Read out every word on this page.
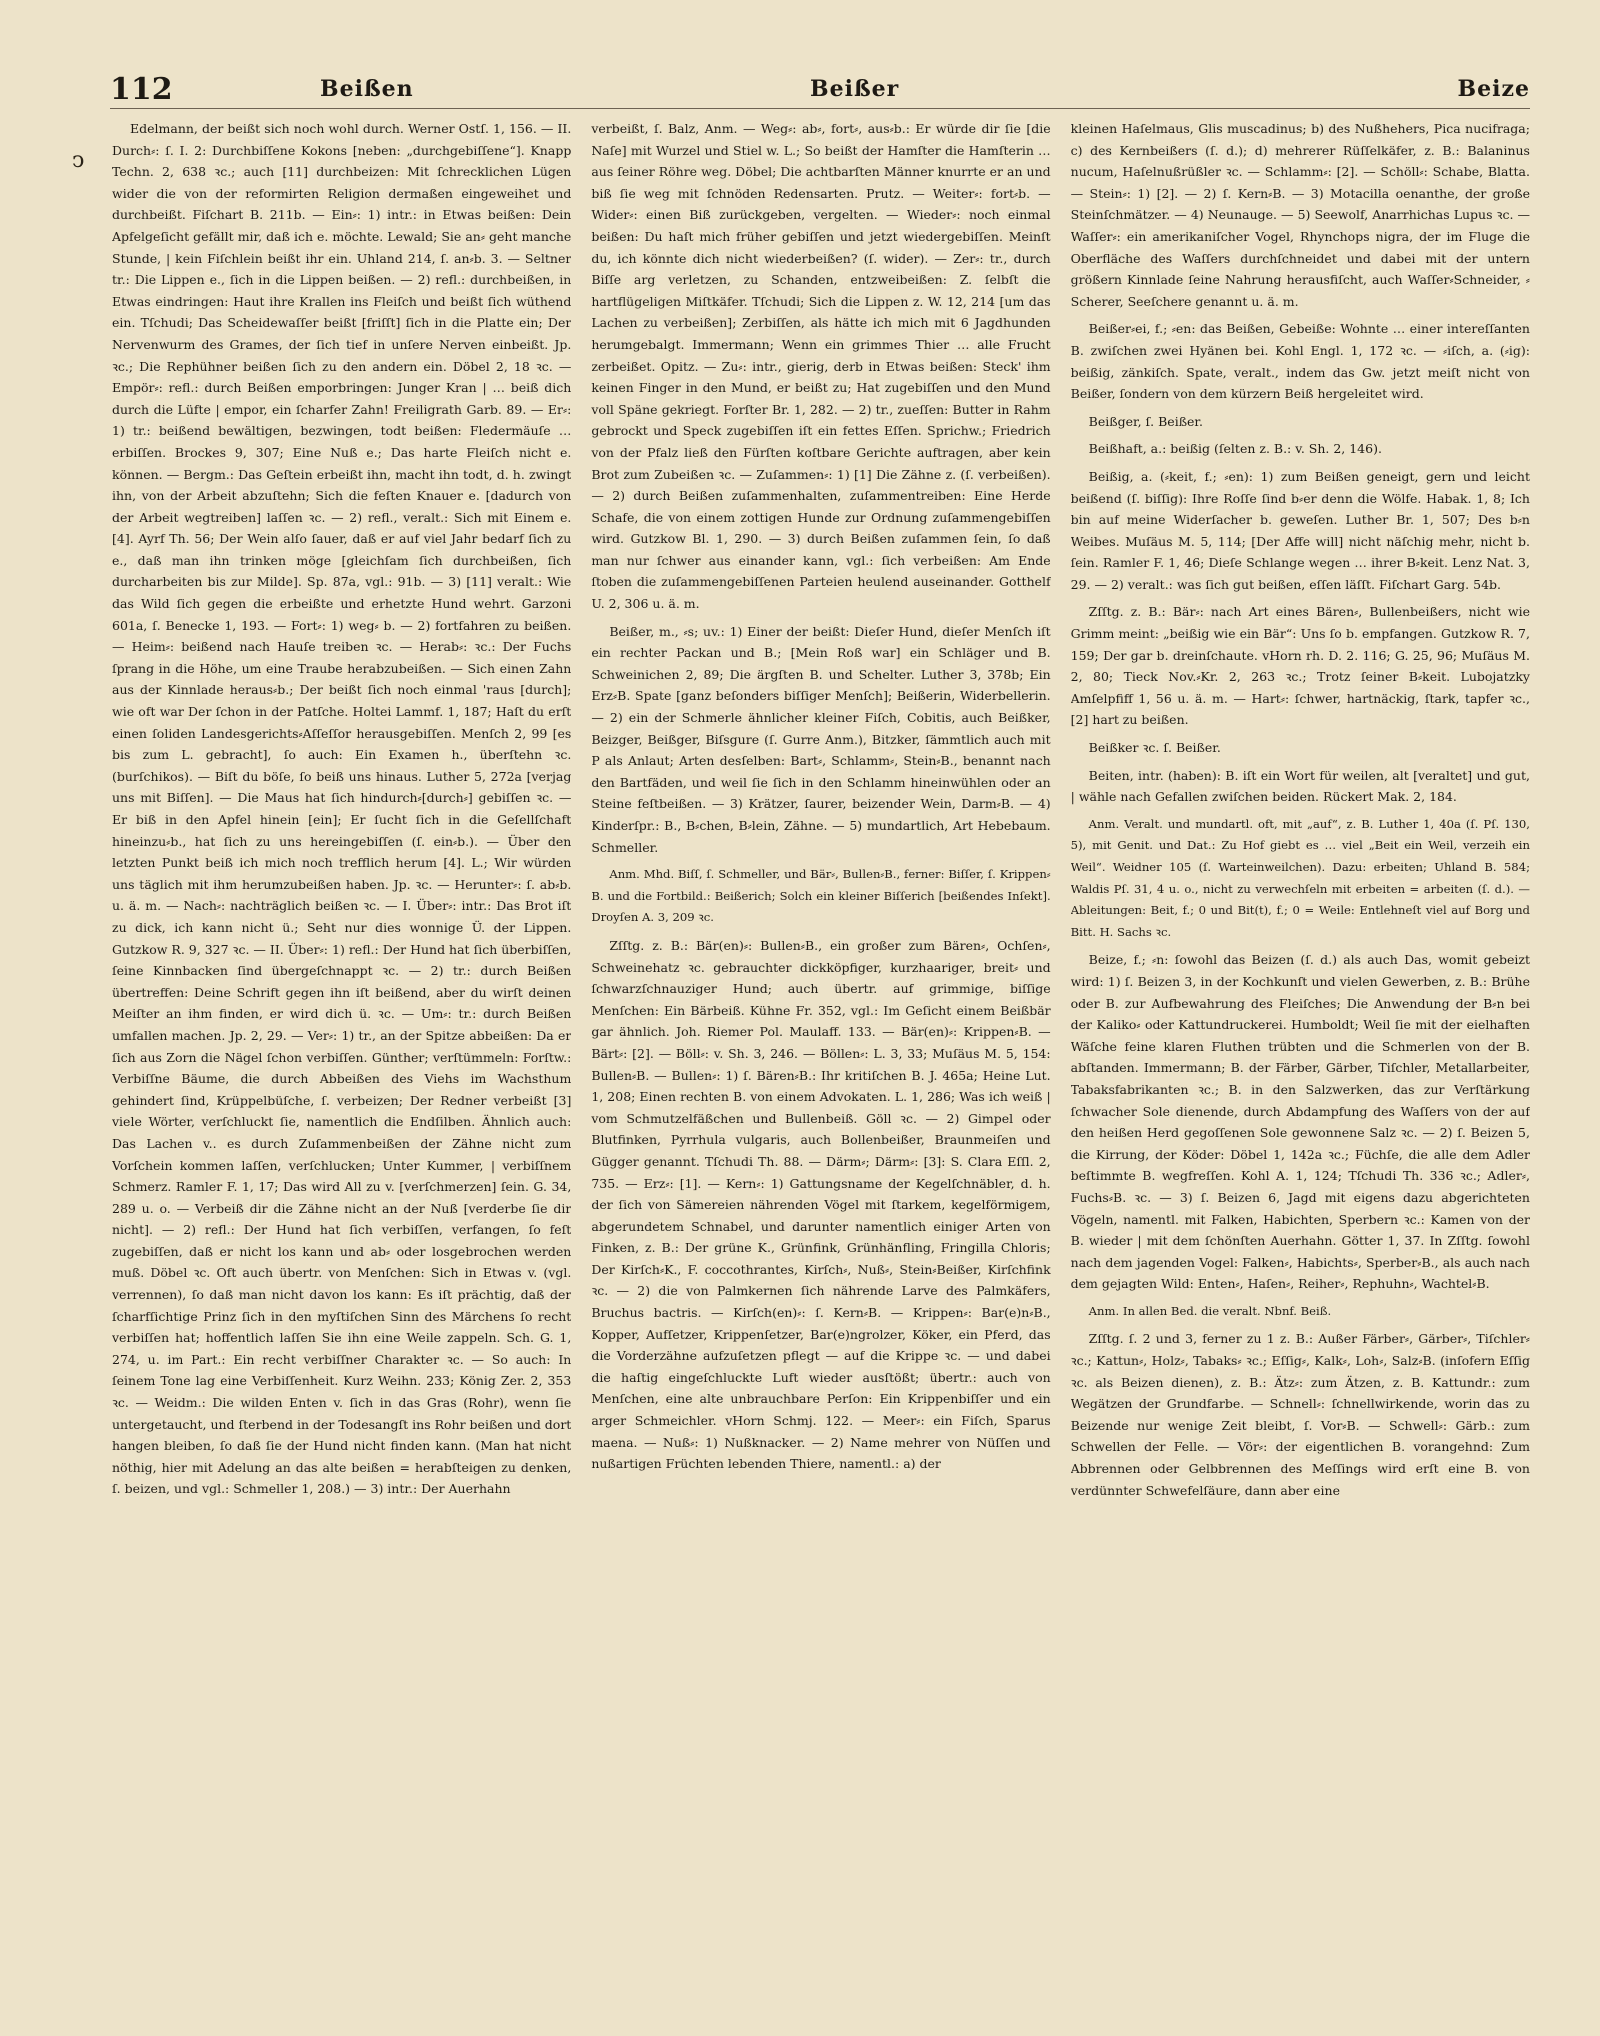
112	Beißen	Beißer	Beize
ↄ

Edelmann, der beißt sich noch wohl durch. Werner Ostſ. 1, 156. — II. Durch⸗: ſ. I. 2: Durchbiſſene Kokons [neben: „durchgebiſſene“]. Knapp Techn. 2, 638 ꝛc.; auch [11] durchbeizen: Mit ſchrecklichen Lügen wider die von der reformirten Religion dermaßen eingeweihet und durchbeißt. Fiſchart B. 211b. — Ein⸗: 1) intr.: in Etwas beißen: Dein Apfelgeſicht gefällt mir, daß ich e. möchte. Lewald; Sie an⸗ geht manche Stunde, | kein Fiſchlein beißt ihr ein. Uhland 214, ſ. an⸗b. 3. — Seltner tr.: Die Lippen e., ſich in die Lippen beißen. — 2) refl.: durchbeißen, in Etwas eindringen: Haut ihre Krallen ins Fleiſch und beißt ſich wüthend ein. Tſchudi; Das Scheidewaſſer beißt [friſſt] ſich in die Platte ein; Der Nervenwurm des Grames, der ſich tief in unſere Nerven einbeißt. Jp. ꝛc.; Die Rephühner beißen ſich zu den andern ein. Döbel 2, 18 ꝛc. — Empör⸗: refl.: durch Beißen emporbringen: Junger Kran | … beiß dich durch die Lüfte | empor, ein ſcharfer Zahn! Freiligrath Garb. 89. — Er⸗: 1) tr.: beißend bewältigen, bezwingen, todt beißen: Fledermäuſe … erbiſſen. Brockes 9, 307; Eine Nuß e.; Das harte Fleiſch nicht e. können. — Bergm.: Das Geſtein erbeißt ihn, macht ihn todt, d. h. zwingt ihn, von der Arbeit abzuſtehn; Sich die feſten Knauer e. [dadurch von der Arbeit wegtreiben] laſſen ꝛc. — 2) refl., veralt.: Sich mit Einem e. [4]. Ayrf Th. 56; Der Wein alſo ſauer, daß er auf viel Jahr bedarf ſich zu e., daß man ihn trinken möge [gleichſam ſich durchbeißen, ſich durcharbeiten bis zur Milde]. Sp. 87a, vgl.: 91b. — 3) [11] veralt.: Wie das Wild ſich gegen die erbeißte und erhetzte Hund wehrt. Garzoni 601a, ſ. Benecke 1, 193. — Fort⸗: 1) weg⸗ b. — 2) fortfahren zu beißen. — Heim⸗: beißend nach Hauſe treiben ꝛc. — Herab⸗: ꝛc.: Der Fuchs ſprang in die Höhe, um eine Traube herabzubeißen. — Sich einen Zahn aus der Kinnlade heraus⸗b.; Der beißt ſich noch einmal 'raus [durch]; wie oft war Der ſchon in der Patſche. Holtei Lammf. 1, 187; Haſt du erſt einen ſoliden Landesgerichts⸗Aſſeſſor herausgebiſſen. Menſch 2, 99 [es bis zum L. gebracht], ſo auch: Ein Examen h., überſtehn ꝛc. (burſchikos). — Biſt du böſe, ſo beiß uns hinaus. Luther 5, 272a [verjag uns mit Biſſen]. — Die Maus hat ſich hindurch⸗[durch⸗] gebiſſen ꝛc. — Er biß in den Apfel hinein [ein]; Er ſucht ſich in die Geſellſchaft hineinzu⸗b., hat ſich zu uns hereingebiſſen (ſ. ein⸗b.). — Über den letzten Punkt beiß ich mich noch trefflich herum [4]. L.; Wir würden uns täglich mit ihm herumzubeißen haben. Jp. ꝛc. — Herunter⸗: ſ. ab⸗b. u. ä. m. — Nach⸗: nachträglich beißen ꝛc. — I. Über⸗: intr.: Das Brot iſt zu dick, ich kann nicht ü.; Seht nur dies wonnige Ü. der Lippen. Gutzkow R. 9, 327 ꝛc. — II. Über⸗: 1) refl.: Der Hund hat ſich überbiſſen, ſeine Kinnbacken ſind übergeſchnappt ꝛc. — 2) tr.: durch Beißen übertreffen: Deine Schrift gegen ihn iſt beißend, aber du wirſt deinen Meiſter an ihm finden, er wird dich ü. ꝛc. — Um⸗: tr.: durch Beißen umfallen machen. Jp. 2, 29. — Ver⸗: 1) tr., an der Spitze abbeißen: Da er ſich aus Zorn die Nägel ſchon verbiſſen. Günther; verſtümmeln: Forſtw.: Verbiſſne Bäume, die durch Abbeißen des Viehs im Wachsthum gehindert ſind, Krüppelbüſche, ſ. verbeizen; Der Redner verbeißt [3] viele Wörter, verſchluckt ſie, namentlich die Endſilben. Ähnlich auch: Das Lachen v.. es durch Zuſammenbeißen der Zähne nicht zum Vorſchein kommen laſſen, verſchlucken; Unter Kummer, | verbiſſnem Schmerz. Ramler F. 1, 17; Das wird All zu v. [verſchmerzen] ſein. G. 34, 289 u. o. — Verbeiß dir die Zähne nicht an der Nuß [verderbe ſie dir nicht]. — 2) refl.: Der Hund hat ſich verbiſſen, verfangen, ſo feſt zugebiſſen, daß er nicht los kann und ab⸗ oder losgebrochen werden muß. Döbel ꝛc. Oft auch übertr. von Menſchen: Sich in Etwas v. (vgl. verrennen), ſo daß man nicht davon los kann: Es iſt prächtig, daß der ſcharfſichtige Prinz ſich in den myſtiſchen Sinn des Märchens ſo recht verbiſſen hat; hoffentlich laſſen Sie ihn eine Weile zappeln. Sch. G. 1, 274, u. im Part.: Ein recht verbiſſner Charakter ꝛc. — So auch: In ſeinem Tone lag eine Verbiſſenheit. Kurz Weihn. 233; König Zer. 2, 353 ꝛc. — Weidm.: Die wilden Enten v. ſich in das Gras (Rohr), wenn ſie untergetaucht, und ſterbend in der Todesangſt ins Rohr beißen und dort hangen bleiben, ſo daß ſie der Hund nicht finden kann. (Man hat nicht nöthig, hier mit Adelung an das alte beißen = herabſteigen zu denken, ſ. beizen, und vgl.: Schmeller 1, 208.) — 3) intr.: Der Auerhahn

verbeißt, ſ. Balz, Anm. — Weg⸗: ab⸗, fort⸗, aus⸗b.: Er würde dir ſie [die Naſe] mit Wurzel und Stiel w. L.; So beißt der Hamſter die Hamſterin … aus ſeiner Röhre weg. Döbel; Die achtbarſten Männer knurrte er an und biß ſie weg mit ſchnöden Redensarten. Prutz. — Weiter⸗: fort⸗b. — Wider⸗: einen Biß zurückgeben, vergelten. — Wieder⸗: noch einmal beißen: Du haſt mich früher gebiſſen und jetzt wiedergebiſſen. Meinſt du, ich könnte dich nicht wiederbeißen? (ſ. wider). — Zer⸗: tr., durch Biſſe arg verletzen, zu Schanden, entzweibeißen: Z. ſelbſt die hartflügeligen Miſtkäfer. Tſchudi; Sich die Lippen z. W. 12, 214 [um das Lachen zu verbeißen]; Zerbiſſen, als hätte ich mich mit 6 Jagdhunden herumgebalgt. Immermann; Wenn ein grimmes Thier … alle Frucht zerbeißet. Opitz. — Zu⸗: intr., gierig, derb in Etwas beißen: Steck' ihm keinen Finger in den Mund, er beißt zu; Hat zugebiſſen und den Mund voll Späne gekriegt. Forſter Br. 1, 282. — 2) tr., zueſſen: Butter in Rahm gebrockt und Speck zugebiſſen iſt ein fettes Eſſen. Sprichw.; Friedrich von der Pfalz ließ den Fürſten koſtbare Gerichte auftragen, aber kein Brot zum Zubeißen ꝛc. — Zuſammen⸗: 1) [1] Die Zähne z. (ſ. verbeißen). — 2) durch Beißen zuſammenhalten, zuſammentreiben: Eine Herde Schafe, die von einem zottigen Hunde zur Ordnung zuſammengebiſſen wird. Gutzkow Bl. 1, 290. — 3) durch Beißen zuſammen ſein, ſo daß man nur ſchwer aus einander kann, vgl.: ſich verbeißen: Am Ende ſtoben die zuſammengebiſſenen Parteien heulend auseinander. Gotthelf U. 2, 306 u. ä. m.

Beißer, m., ⸗s; uv.: 1) Einer der beißt: Dieſer Hund, dieſer Menſch iſt ein rechter Packan und B.; [Mein Roß war] ein Schläger und B. Schweinichen 2, 89; Die ärgſten B. und Schelter. Luther 3, 378b; Ein Erz⸗B. Spate [ganz beſonders biſſiger Menſch]; Beißerin, Widerbellerin. — 2) ein der Schmerle ähnlicher kleiner Fiſch, Cobitis, auch Beißker, Beizger, Beißger, Biſsgure (ſ. Gurre Anm.), Bitzker, ſämmtlich auch mit P als Anlaut; Arten desſelben: Bart⸗, Schlamm⸗, Stein⸗B., benannt nach den Bartfäden, und weil ſie ſich in den Schlamm hineinwühlen oder an Steine feſtbeißen. — 3) Krätzer, ſaurer, beizender Wein, Darm⸗B. — 4) Kinderſpr.: B., B⸗chen, B⸗lein, Zähne. — 5) mundartlich, Art Hebebaum. Schmeller.

Anm. Mhd. Biſſ, ſ. Schmeller, und Bär⸗, Bullen⸗B., ferner: Biſſer, ſ. Krippen⸗B. und die Fortbild.: Beißerich; Solch ein kleiner Biſſerich [beißendes Inſekt]. Droyſen A. 3, 209 ꝛc.

Zſſtg. z. B.: Bär(en)⸗: Bullen⸗B., ein großer zum Bären⸗, Ochſen⸗, Schweinehatz ꝛc. gebrauchter dickköpfiger, kurzhaariger, breit⸗ und ſchwarzſchnauziger Hund; auch übertr. auf grimmige, biſſige Menſchen: Ein Bärbeiß. Kühne Fr. 352, vgl.: Im Geſicht einem Beißbär gar ähnlich. Joh. Riemer Pol. Maulaff. 133. — Bär(en)⸗: Krippen⸗B. — Bärt⸗: [2]. — Böll⸗: v. Sh. 3, 246. — Böllen⸗: L. 3, 33; Muſäus M. 5, 154: Bullen⸗B. — Bullen⸗: 1) ſ. Bären⸗B.: Ihr kritiſchen B. J. 465a; Heine Lut. 1, 208; Einen rechten B. von einem Advokaten. L. 1, 286; Was ich weiß | vom Schmutzelfäßchen und Bullenbeiß. Göll ꝛc. — 2) Gimpel oder Blutfinken, Pyrrhula vulgaris, auch Bollenbeißer, Braunmeiſen und Gügger genannt. Tſchudi Th. 88. — Därm⸗; Därm⸗: [3]: S. Clara Eſſl. 2, 735. — Erz⸗: [1]. — Kern⸗: 1) Gattungsname der Kegelſchnäbler, d. h. der ſich von Sämereien nährenden Vögel mit ſtarkem, kegelförmigem, abgerundetem Schnabel, und darunter namentlich einiger Arten von Finken, z. B.: Der grüne K., Grünfink, Grünhänfling, Fringilla Chloris; Der Kirſch⸗K., F. coccothrantes, Kirſch⸗, Nuß⸗, Stein⸗Beißer, Kirſchfink ꝛc. — 2) die von Palmkernen ſich nährende Larve des Palmkäfers, Bruchus bactris. — Kirſch(en)⸗: ſ. Kern⸗B. — Krippen⸗: Bar(e)n⸗B., Kopper, Aufſetzer, Krippenſetzer, Bar(e)ngrolzer, Köker, ein Pferd, das die Vorderzähne aufzuſetzen pflegt — auf die Krippe ꝛc. — und dabei die haſtig eingeſchluckte Luft wieder ausſtößt; übertr.: auch von Menſchen, eine alte unbrauchbare Perſon: Ein Krippenbiſſer und ein arger Schmeichler. vHorn Schmj. 122. — Meer⸗: ein Fiſch, Sparus maena. — Nuß⸗: 1) Nußknacker. — 2) Name mehrer von Nüſſen und nußartigen Früchten lebenden Thiere, namentl.: a) der

kleinen Haſelmaus, Glis muscadinus; b) des Nußhehers, Pica nucifraga; c) des Kernbeißers (ſ. d.); d) mehrerer Rüſſelkäfer, z. B.: Balaninus nucum, Haſelnußrüßler ꝛc. — Schlamm⸗: [2]. — Schöll⸗: Schabe, Blatta. — Stein⸗: 1) [2]. — 2) ſ. Kern⸗B. — 3) Motacilla oenanthe, der große Steinſchmätzer. — 4) Neunauge. — 5) Seewolf, Anarrhichas Lupus ꝛc. — Waſſer⸗: ein amerikaniſcher Vogel, Rhynchops nigra, der im Fluge die Oberfläche des Waſſers durchſchneidet und dabei mit der untern größern Kinnlade ſeine Nahrung herausfiſcht, auch Waſſer⸗Schneider, ⸗Scherer, Seeſchere genannt u. ä. m.

Beißer⸗ei, f.; ⸗en: das Beißen, Gebeiße: Wohnte … einer intereſſanten B. zwiſchen zwei Hyänen bei. Kohl Engl. 1, 172 ꝛc. — ⸗iſch, a. (⸗ig): beißig, zänkiſch. Spate, veralt., indem das Gw. jetzt meiſt nicht von Beißer, ſondern von dem kürzern Beiß hergeleitet wird.

Beißger, ſ. Beißer.

Beißhaft, a.: beißig (ſelten z. B.: v. Sh. 2, 146).

Beißig, a. (⸗keit, f.; ⸗en): 1) zum Beißen geneigt, gern und leicht beißend (ſ. biſſig): Ihre Roſſe ſind b⸗er denn die Wölfe. Habak. 1, 8; Ich bin auf meine Widerſacher b. geweſen. Luther Br. 1, 507; Des b⸗n Weibes. Muſäus M. 5, 114; [Der Affe will] nicht näſchig mehr, nicht b. ſein. Ramler F. 1, 46; Dieſe Schlange wegen … ihrer B⸗keit. Lenz Nat. 3, 29. — 2) veralt.: was ſich gut beißen, eſſen läſſt. Fiſchart Garg. 54b.

Zſſtg. z. B.: Bär⸗: nach Art eines Bären⸗, Bullenbeißers, nicht wie Grimm meint: „beißig wie ein Bär“: Uns ſo b. empfangen. Gutzkow R. 7, 159; Der gar b. dreinſchaute. vHorn rh. D. 2. 116; G. 25, 96; Muſäus M. 2, 80; Tieck Nov.⸗Kr. 2, 263 ꝛc.; Trotz ſeiner B⸗keit. Lubojatzky Amſelpfiff 1, 56 u. ä. m. — Hart⸗: ſchwer, hartnäckig, ſtark, tapfer ꝛc., [2] hart zu beißen.

Beißker ꝛc. ſ. Beißer.

Beiten, intr. (haben): B. iſt ein Wort für weilen, alt [veraltet] und gut, | wähle nach Gefallen zwiſchen beiden. Rückert Mak. 2, 184.

Anm. Veralt. und mundartl. oft, mit „auf“, z. B. Luther 1, 40a (ſ. Pſ. 130, 5), mit Genit. und Dat.: Zu Hof giebt es … viel „Beit ein Weil, verzeih ein Weil“. Weidner 105 (ſ. Warteinweilchen). Dazu: erbeiten; Uhland B. 584; Waldis Pſ. 31, 4 u. o., nicht zu verwechſeln mit erbeiten = arbeiten (ſ. d.). — Ableitungen: Beit, f.; 0 und Bit(t), f.; 0 = Weile: Entlehneſt viel auf Borg und Bitt. H. Sachs ꝛc.

Beize, f.; ⸗n: ſowohl das Beizen (ſ. d.) als auch Das, womit gebeizt wird: 1) ſ. Beizen 3, in der Kochkunſt und vielen Gewerben, z. B.: Brühe oder B. zur Aufbewahrung des Fleiſches; Die Anwendung der B⸗n bei der Kaliko⸗ oder Kattundruckerei. Humboldt; Weil ſie mit der eielhaften Wäſche feine klaren Fluthen trübten und die Schmerlen von der B. abſtanden. Immermann; B. der Färber, Gärber, Tiſchler, Metallarbeiter, Tabaksfabrikanten ꝛc.; B. in den Salzwerken, das zur Verſtärkung ſchwacher Sole dienende, durch Abdampfung des Waſſers von der auf den heißen Herd gegoſſenen Sole gewonnene Salz ꝛc. — 2) ſ. Beizen 5, die Kirrung, der Köder: Döbel 1, 142a ꝛc.; Füchſe, die alle dem Adler beſtimmte B. wegfreſſen. Kohl A. 1, 124; Tſchudi Th. 336 ꝛc.; Adler⸗, Fuchs⸗B. ꝛc. — 3) ſ. Beizen 6, Jagd mit eigens dazu abgerichteten Vögeln, namentl. mit Falken, Habichten, Sperbern ꝛc.: Kamen von der B. wieder | mit dem ſchönſten Auerhahn. Götter 1, 37. In Zſſtg. ſowohl nach dem jagenden Vogel: Falken⸗, Habichts⸗, Sperber⸗B., als auch nach dem gejagten Wild: Enten⸗, Haſen⸗, Reiher⸗, Rephuhn⸗, Wachtel⸗B.

Anm. In allen Bed. die veralt. Nbnf. Beiß.

Zſſtg. ſ. 2 und 3, ferner zu 1 z. B.: Außer Färber⸗, Gärber⸗, Tiſchler⸗ ꝛc.; Kattun⸗, Holz⸗, Tabaks⸗ ꝛc.; Eſſig⸗, Kalk⸗, Loh⸗, Salz⸗B. (inſofern Eſſig ꝛc. als Beizen dienen), z. B.: Ätz⸗: zum Ätzen, z. B. Kattundr.: zum Wegätzen der Grundfarbe. — Schnell⸗: ſchnellwirkende, worin das zu Beizende nur wenige Zeit bleibt, ſ. Vor⸗B. — Schwell⸗: Gärb.: zum Schwellen der Felle. — Vör⸗: der eigentlichen B. vorangehnd: Zum Abbrennen oder Gelbbrennen des Meſſings wird erſt eine B. von verdünnter Schwefelſäure, dann aber eine
